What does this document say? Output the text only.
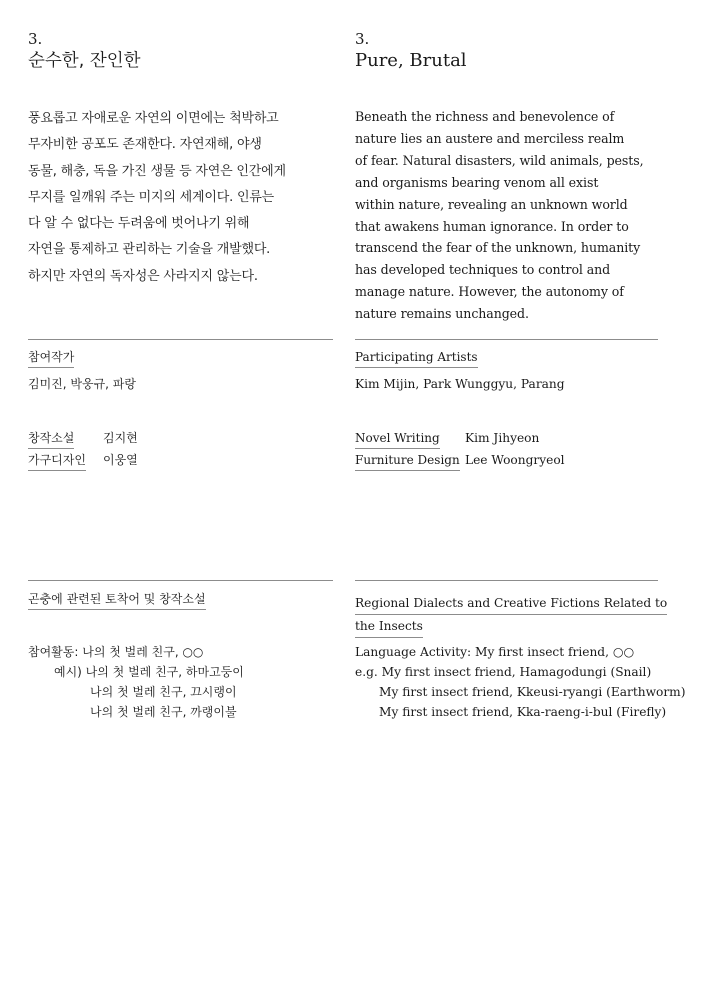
3.
순수한, 잔인한
풍요롭고 자애로운 자연의 이면에는 척박하고
무자비한 공포도 존재한다. 자연재해, 야생
동물, 해충, 독을 가진 생물 등 자연은 인간에게
무지를 일깨워 주는 미지의 세계이다. 인류는
다 알 수 없다는 두려움에 벗어나기 위해
자연을 통제하고 관리하는 기술을 개발했다.
하지만 자연의 독자성은 사라지지 않는다.
참여작가
김미진, 박웅규, 파랑
창작소설 김지현
가구디자인 이웅열
곤충에 관련된 토착어 및 창작소설
참여활동: 나의 첫 벌레 친구, ○○
예시) 나의 첫 벌레 친구, 하마고둥이
나의 첫 벌레 친구, 끄시랭이
나의 첫 벌레 친구, 까랭이불
3.
Pure, Brutal
Beneath the richness and benevolence of
nature lies an austere and merciless realm
of fear. Natural disasters, wild animals, pests,
and organisms bearing venom all exist
within nature, revealing an unknown world
that awakens human ignorance. In order to
transcend the fear of the unknown, humanity
has developed techniques to control and
manage nature. However, the autonomy of
nature remains unchanged.
Participating Artists
Kim Mijin, Park Wunggyu, Parang
Novel Writing Kim Jihyeon
Furniture Design Lee Woongryeol
Regional Dialects and Creative Fictions Related to
the Insects
Language Activity: My first insect friend, ○○
e.g. My first insect friend, Hamagodungi (Snail)
My first insect friend, Kkeusi-ryangi (Earthworm)
My first insect friend, Kka-raeng-i-bul (Firefly)
